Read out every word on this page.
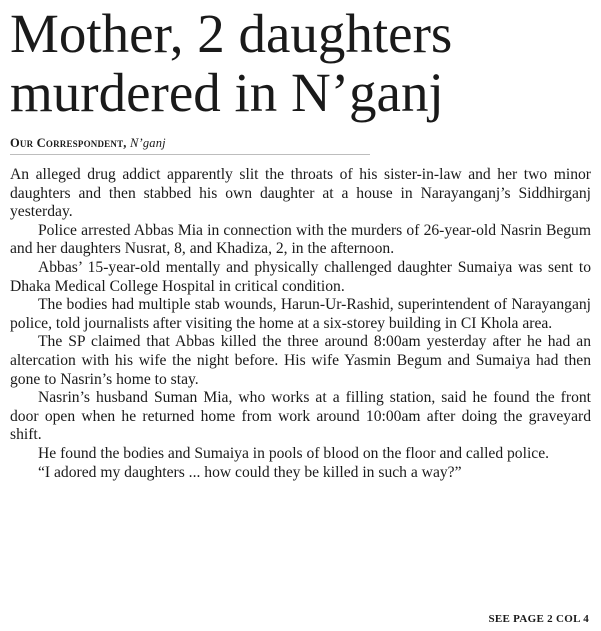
Mother, 2 daughters
murdered in N’ganj
Our Correspondent, N’ganj

An alleged drug addict apparently slit the throats of his sister-in-law and her two minor daughters and then stabbed his own daughter at a house in Narayanganj’s Siddhirganj yesterday.

Police arrested Abbas Mia in connection with the murders of 26-year-old Nasrin Begum and her daughters Nusrat, 8, and Khadiza, 2, in the afternoon.

Abbas’ 15-year-old mentally and physically challenged daughter Sumaiya was sent to Dhaka Medical College Hospital in critical condition.

The bodies had multiple stab wounds, Harun-Ur-Rashid, superintendent of Narayanganj police, told journalists after visiting the home at a six-storey building in CI Khola area.

The SP claimed that Abbas killed the three around 8:00am yesterday after he had an altercation with his wife the night before. His wife Yasmin Begum and Sumaiya had then gone to Nasrin’s home to stay.

Nasrin’s husband Suman Mia, who works at a filling station, said he found the front door open when he returned home from work around 10:00am after doing the graveyard shift.

He found the bodies and Sumaiya in pools of blood on the floor and called police.

“I adored my daughters ... how could they be killed in such a way?”

SEE PAGE 2 COL 4
